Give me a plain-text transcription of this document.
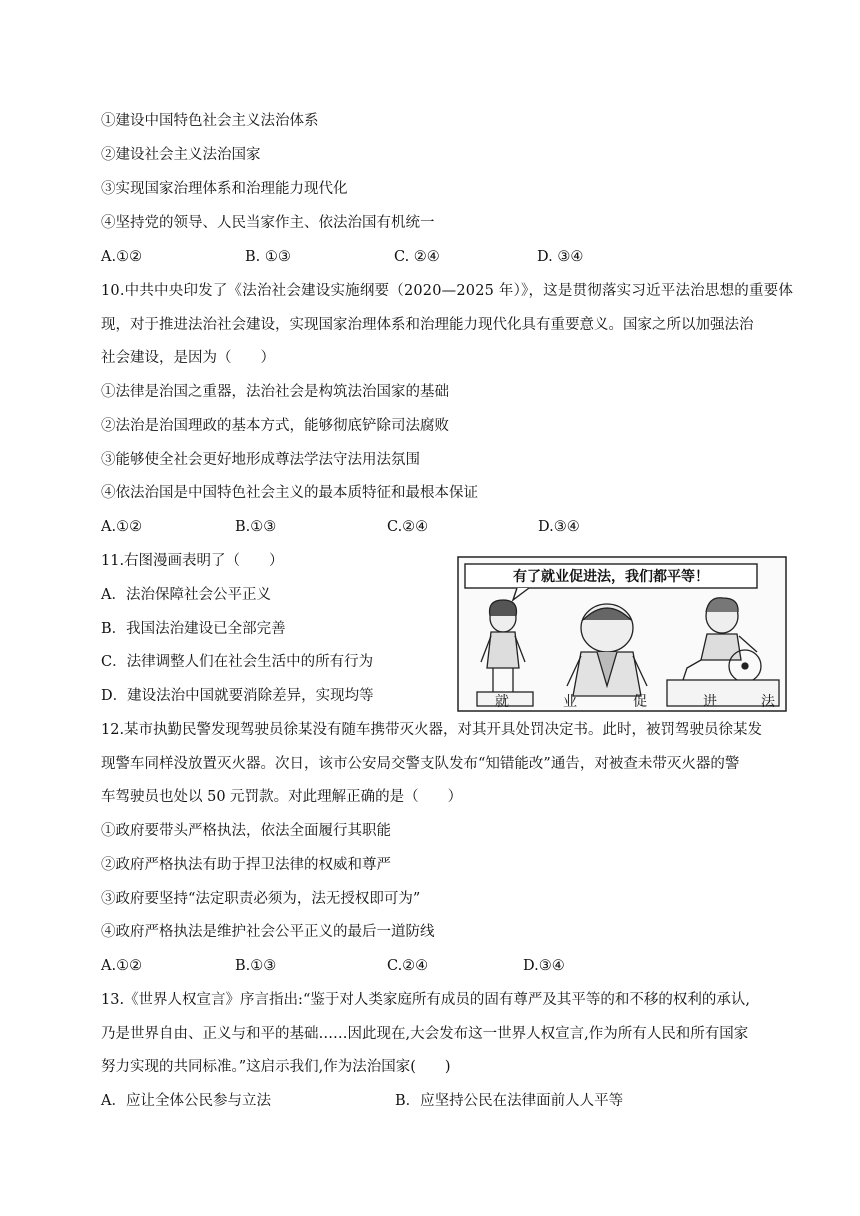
①建设中国特色社会主义法治体系
②建设社会主义法治国家
③实现国家治理体系和治理能力现代化
④坚持党的领导、人民当家作主、依法治国有机统一
A.①②	B. ①③	C. ②④	D. ③④
10.中共中央印发了《法治社会建设实施纲要（2020—2025 年）》，这是贯彻落实习近平法治思想的重要体
现，对于推进法治社会建设，实现国家治理体系和治理能力现代化具有重要意义。国家之所以加强法治
社会建设，是因为（　　）
①法律是治国之重器，法治社会是构筑法治国家的基础
②法治是治国理政的基本方式，能够彻底铲除司法腐败
③能够使全社会更好地形成尊法学法守法用法氛围
④依法治国是中国特色社会主义的最本质特征和最根本保证
A.①②	B.①③	C.②④	D.③④
11.右图漫画表明了（　　）
A．法治保障社会公平正义
B．我国法治建设已全部完善
C．法律调整人们在社会生活中的所有行为
D．建设法治中国就要消除差异，实现均等
有了就业促进法，我们都平等！
就	业	促	进	法
12.某市执勤民警发现驾驶员徐某没有随车携带灭火器，对其开具处罚决定书。此时，被罚驾驶员徐某发
现警车同样没放置灭火器。次日，该市公安局交警支队发布“知错能改”通告，对被查未带灭火器的警
车驾驶员也处以 50 元罚款。对此理解正确的是（　　）
①政府要带头严格执法，依法全面履行其职能
②政府严格执法有助于捍卫法律的权威和尊严
③政府要坚持“法定职责必须为，法无授权即可为”
④政府严格执法是维护社会公平正义的最后一道防线
A.①②	B.①③	C.②④	D.③④
13.《世界人权宣言》序言指出:“鉴于对人类家庭所有成员的固有尊严及其平等的和不移的权利的承认,
乃是世界自由、正义与和平的基础……因此现在,大会发布这一世界人权宣言,作为所有人民和所有国家
努力实现的共同标准。”这启示我们,作为法治国家(　　)
A．应让全体公民参与立法	B．应坚持公民在法律面前人人平等
